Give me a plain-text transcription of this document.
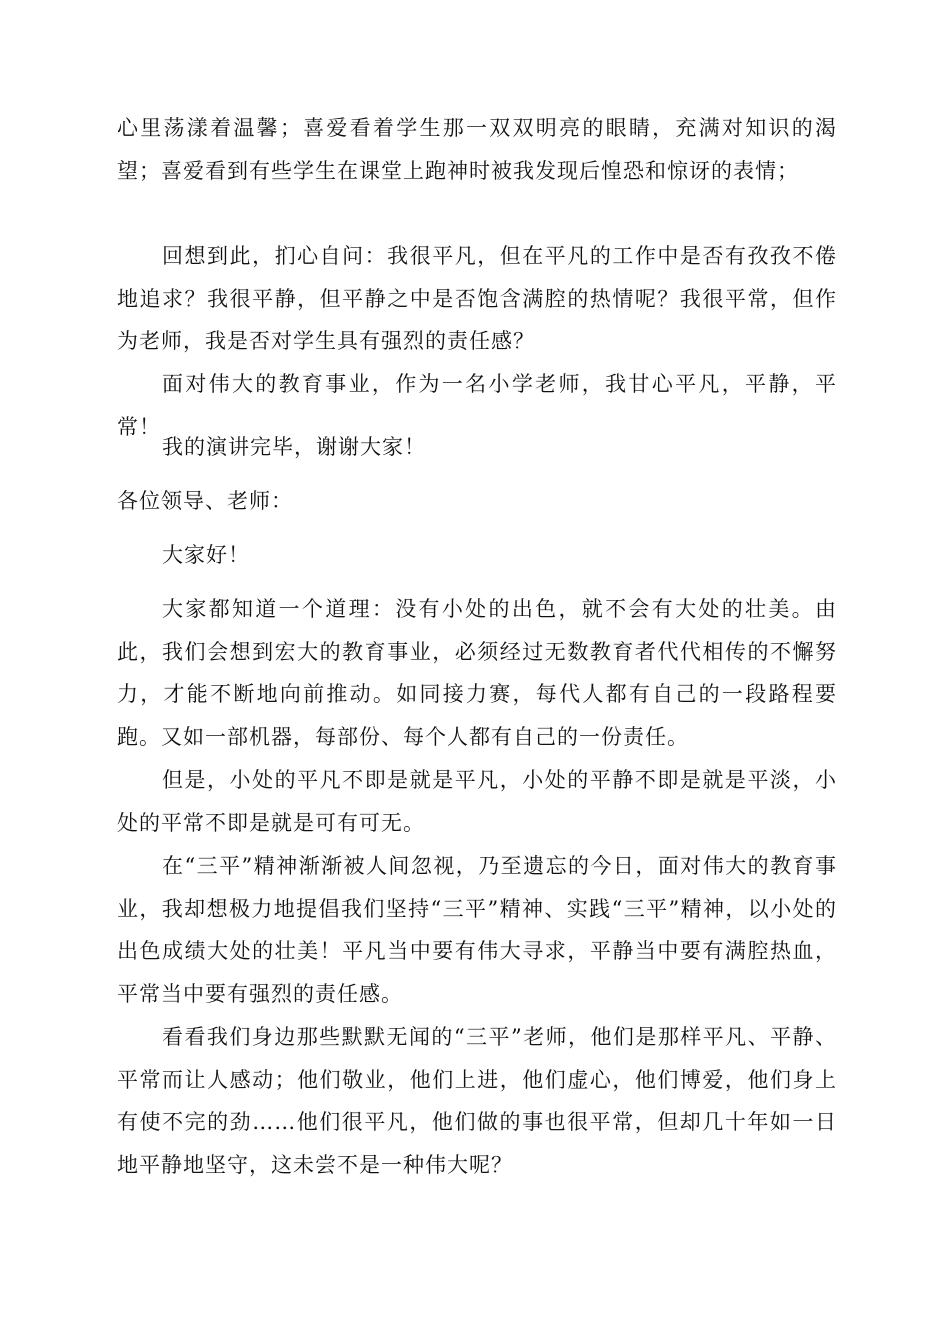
心里荡漾着温馨；喜爱看着学生那一双双明亮的眼睛，充满对知识的渴望；喜爱看到有些学生在课堂上跑神时被我发现后惶恐和惊讶的表情；

回想到此，扪心自问：我很平凡，但在平凡的工作中是否有孜孜不倦地追求？我很平静，但平静之中是否饱含满腔的热情呢？我很平常，但作为老师，我是否对学生具有强烈的责任感？

面对伟大的教育事业，作为一名小学老师，我甘心平凡，平静，平常！

我的演讲完毕，谢谢大家！

各位领导、老师：

大家好！

大家都知道一个道理：没有小处的出色，就不会有大处的壮美。由此，我们会想到宏大的教育事业，必须经过无数教育者代代相传的不懈努力，才能不断地向前推动。如同接力赛，每代人都有自己的一段路程要跑。又如一部机器，每部份、每个人都有自己的一份责任。

但是，小处的平凡不即是就是平凡，小处的平静不即是就是平淡，小处的平常不即是就是可有可无。

在“三平”精神渐渐被人间忽视，乃至遗忘的今日，面对伟大的教育事业，我却想极力地提倡我们坚持“三平”精神、实践“三平”精神，以小处的出色成绩大处的壮美！平凡当中要有伟大寻求，平静当中要有满腔热血，平常当中要有强烈的责任感。

看看我们身边那些默默无闻的“三平”老师，他们是那样平凡、平静、平常而让人感动；他们敬业，他们上进，他们虚心，他们博爱，他们身上有使不完的劲……他们很平凡，他们做的事也很平常，但却几十年如一日地平静地坚守，这未尝不是一种伟大呢？
